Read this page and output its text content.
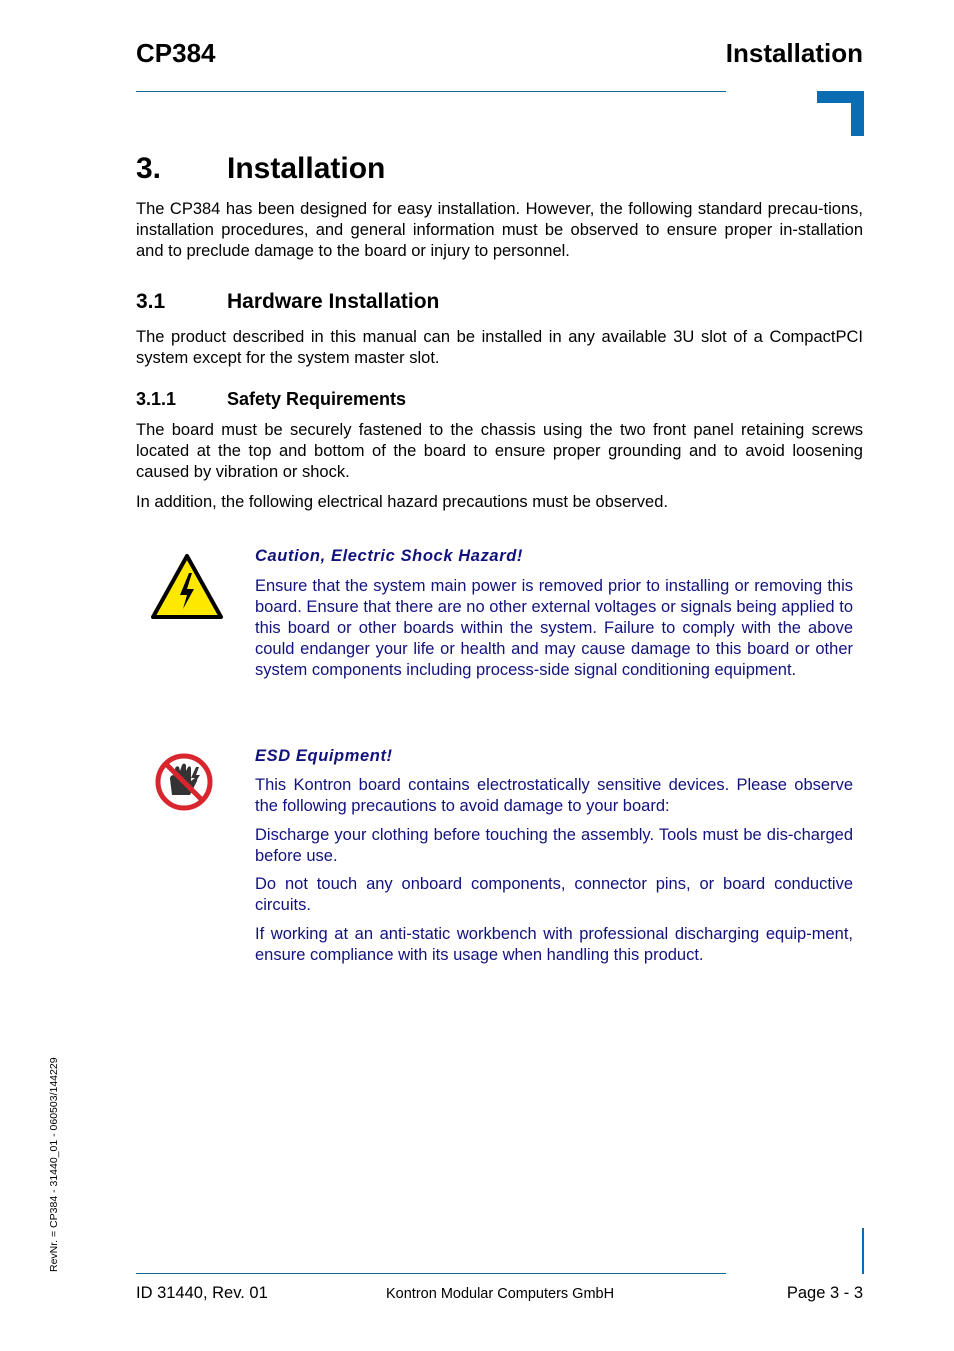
CP384	Installation
3. Installation

The CP384 has been designed for easy installation. However, the following standard precau-tions, installation procedures, and general information must be observed to ensure proper in-stallation and to preclude damage to the board or injury to personnel.

3.1	Hardware Installation

The product described in this manual can be installed in any available 3U slot of a CompactPCI system except for the system master slot.

3.1.1	Safety Requirements

The board must be securely fastened to the chassis using the two front panel retaining screws located at the top and bottom of the board to ensure proper grounding and to avoid loosening caused by vibration or shock.

In addition, the following electrical hazard precautions must be observed.

Caution, Electric Shock Hazard!

Ensure that the system main power is removed prior to installing or removing this board. Ensure that there are no other external voltages or signals being applied to this board or other boards within the system. Failure to comply with the above could endanger your life or health and may cause damage to this board or other system components including process-side signal conditioning equipment.

ESD Equipment!

This Kontron board contains electrostatically sensitive devices. Please observe the following precautions to avoid damage to your board:

Discharge your clothing before touching the assembly. Tools must be dis-charged before use.

Do not touch any onboard components, connector pins, or board conductive circuits.

If working at an anti-static workbench with professional discharging equip-ment, ensure compliance with its usage when handling this product.

RevNr. = CP384 - 31440_01 - 060503/144229
ID 31440, Rev. 01	Kontron Modular Computers GmbH	Page 3 - 3
